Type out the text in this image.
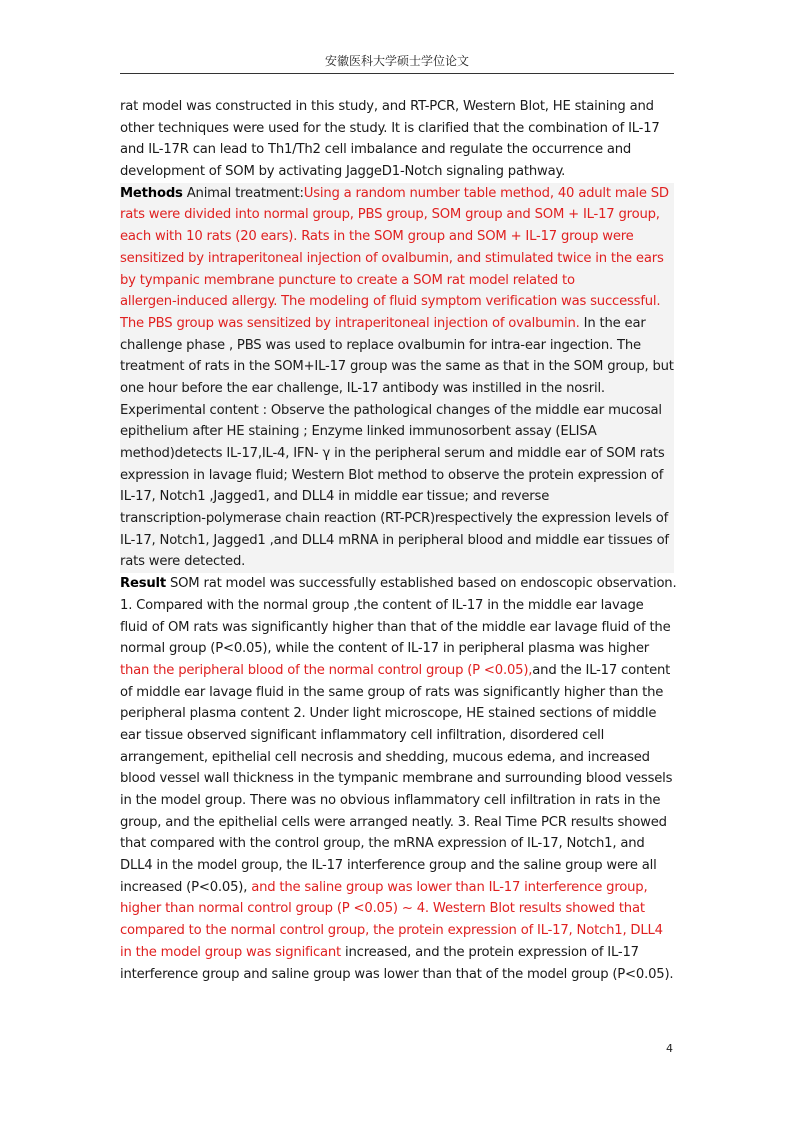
安徽医科大学硕士学位论文
rat model was constructed in this study, and RT-PCR, Western Blot, HE staining and
other techniques were used for the study. It is clarified that the combination of IL-17
and IL-17R can lead to Th1/Th2 cell imbalance and regulate the occurrence and
development of SOM by activating JaggeD1-Notch signaling pathway.
Methods Animal treatment:Using a random number table method, 40 adult male SD
rats were divided into normal group, PBS group, SOM group and SOM + IL-17 group,
each with 10 rats (20 ears). Rats in the SOM group and SOM + IL-17 group were
sensitized by intraperitoneal injection of ovalbumin, and stimulated twice in the ears
by tympanic membrane puncture to create a SOM rat model related to
allergen-induced allergy. The modeling of fluid symptom verification was successful.
The PBS group was sensitized by intraperitoneal injection of ovalbumin. In the ear
challenge phase , PBS was used to replace ovalbumin for intra-ear ingection. The
treatment of rats in the SOM+IL-17 group was the same as that in the SOM group, but
one hour before the ear challenge, IL-17 antibody was instilled in the nosril.
Experimental content : Observe the pathological changes of the middle ear mucosal
epithelium after HE staining ; Enzyme linked immunosorbent assay (ELISA
method)detects IL-17,IL-4, IFN- γ in the peripheral serum and middle ear of SOM rats
expression in lavage fluid; Western Blot method to observe the protein expression of
IL-17, Notch1 ,Jagged1, and DLL4 in middle ear tissue; and reverse
transcription-polymerase chain reaction (RT-PCR)respectively the expression levels of
IL-17, Notch1, Jagged1 ,and DLL4 mRNA in peripheral blood and middle ear tissues of
rats were detected.
Result SOM rat model was successfully established based on endoscopic observation.
1. Compared with the normal group ,the content of IL-17 in the middle ear lavage
fluid of OM rats was significantly higher than that of the middle ear lavage fluid of the
normal group (P<0.05), while the content of IL-17 in peripheral plasma was higher
than the peripheral blood of the normal control group (P <0.05),and the IL-17 content
of middle ear lavage fluid in the same group of rats was significantly higher than the
peripheral plasma content 2. Under light microscope, HE stained sections of middle
ear tissue observed significant inflammatory cell infiltration, disordered cell
arrangement, epithelial cell necrosis and shedding, mucous edema, and increased
blood vessel wall thickness in the tympanic membrane and surrounding blood vessels
in the model group. There was no obvious inflammatory cell infiltration in rats in the
group, and the epithelial cells were arranged neatly. 3. Real Time PCR results showed
that compared with the control group, the mRNA expression of IL-17, Notch1, and
DLL4 in the model group, the IL-17 interference group and the saline group were all
increased (P<0.05), and the saline group was lower than IL-17 interference group,
higher than normal control group (P <0.05) ~ 4. Western Blot results showed that
compared to the normal control group, the protein expression of IL-17, Notch1, DLL4
in the model group was significant increased, and the protein expression of IL-17
interference group and saline group was lower than that of the model group (P<0.05).
4
